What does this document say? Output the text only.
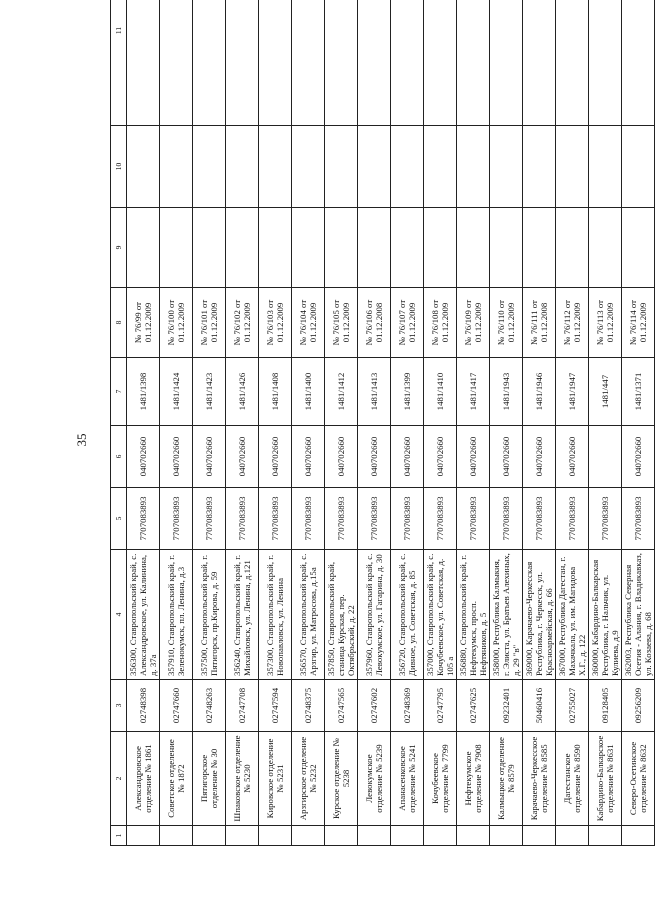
35
1	2	3	4	5	6	7	8	9	10	11
	Александровское отделение № 1861	02748398	356300, Ставропольский край, с. Александровское, ул. Калинина, д. 37а	7707083893	040702660	1481/1398	№ 76/99 от 01.12.2009			
	Советское отделение № 1872	02747660	357910, Ставропольский край, г. Зеленокумск, пл. Ленина, д.3	7707083893	040702660	1481/1424	№ 76/100 от 01.12.2009			
	Пятигорское отделение № 30	02748263	357500, Ставропольский край, г. Пятигорск, пр.Кирова, д. 59	7707083893	040702660	1481/1423	№ 76/101 от 01.12.2009			
	Шпаковское отделение № 5230	02747708	356240, Ставропольский край, г. Михайловск, ул. Ленина, д.121	7707083893	040702660	1481/1426	№ 76/102 от 01.12.2009			
	Кировское отделение № 5231	02747594	357300, Ставропольский край, г. Новопавловск, ул. Ленина	7707083893	040702660	1481/1408	№ 76/103 от 01.12.2009			
	Арзгирское отделение № 5232	02748375	356570, Ставропольский край, с. Арзгир, ул. Матросова, д.15а	7707083893	040702660	1481/1400	№ 76/104 от 01.12.2009			
	Курское отделение № 5238	02747565	357850, Ставропольский край, станица Курская, пер. Октябрьский, д. 22	7707083893	040702660	1481/1412	№ 76/105 от 01.12.2009			
	Левокумское отделение № 5239	02747602	357960, Ставропольский край, с. Левокумское, ул. Гагарина, д. 30	7707083893	040702660	1481/1413	№ 76/106 от 01.12.2008			
	Апанасенковское отделение № 5241	02748369	356720, Ставропольский край, с. Дивное, ул. Советская, д. 85	7707083893	040702660	1481/1399	№ 76/107 от 01.12.2009			
	Кочубеевское отделение № 7799	02747795	357000, Ставропольский край, с. Кочубеевское, ул. Советская, д. 105 а	7707083893	040702660	1481/1410	№ 76/108 от 01.12.2009			
	Нефтекумское отделение № 7908	02747625	356880, Ставропольский край, г. Нефтекумск, просп. Нефтяников, д. 5	7707083893	040702660	1481/1417	№ 76/109 от 01.12.2009			
	Калмыцкое отделение № 8579	09232401	358000, Республика Калмыкия, г. Элиста, ул. Братьев Алехиных, д. 29 "в"	7707083893	040702660	1481/1943	№ 76/110 от 01.12.2009			
	Карачаево-Черкесское отделение № 8585	50460416	369000, Карачаево-Черкесская Республика, г. Черкесск, ул. Красноармейская, д. 66	7707083893	040702660	1481/1946	№ 76/111 от 01.12.2008			
	Дагестанское отделение № 8590	02755027	367000, Республика Дагестан, г. Махачкала, ул. им. Магидова Х.Г., д. 122	7707083893	040702660	1481/1947	№ 76/112 от 01.12.2009			
	Кабардино-Балкарское отделение № 8631	09128405	360000, Кабардино-Балкарская Республика, г. Нальчик, ул. Кулиева, д.9	7707083893		1481/447	№ 76/113 от 01.12.2009			
	Северо-Осетинское отделение № 8632	09256209	362003, Республика Северная Осетия - Алания, г. Владикавказ, ул. Козаева, д. 68	7707083893	040702660	1481/1371	№ 76/114 от 01.12.2009			
